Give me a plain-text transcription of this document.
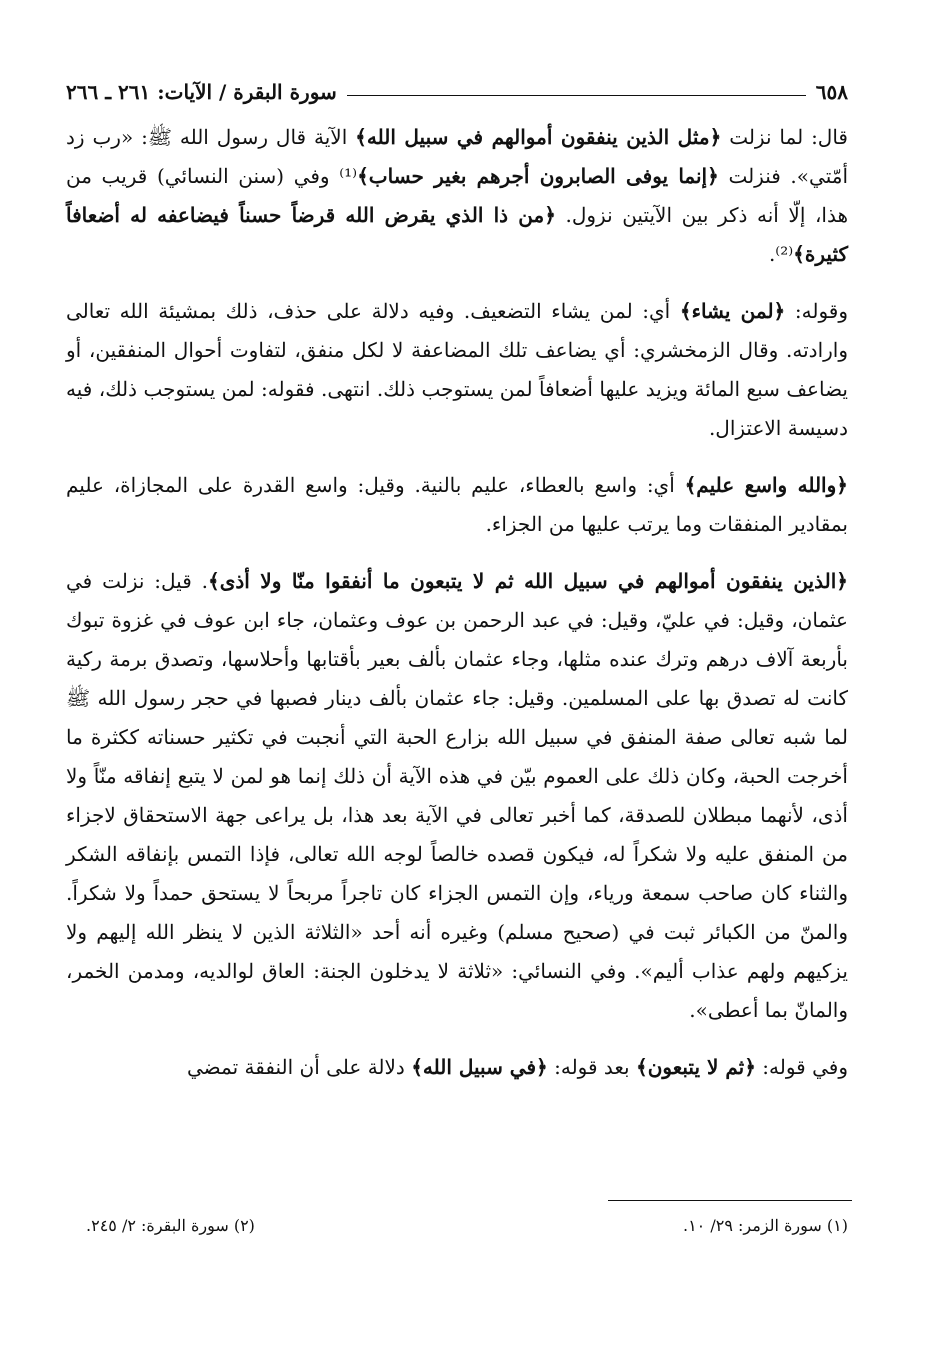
٦٥٨
سورة البقرة / الآيات: ٢٦١ ـ ٢٦٦

قال: لما نزلت ﴿مثل الذين ينفقون أموالهم في سبيل الله﴾ الآية قال رسول الله ﷺ: «رب زد أمّتي». فنزلت ﴿إنما يوفى الصابرون أجرهم بغير حساب﴾⁽¹⁾ وفي (سنن النسائي) قريب من هذا، إلّا أنه ذكر بين الآيتين نزول. ﴿من ذا الذي يقرض الله قرضاً حسناً فيضاعفه له أضعافاً كثيرة﴾⁽²⁾.

وقوله: ﴿لمن يشاء﴾ أي: لمن يشاء التضعيف. وفيه دلالة على حذف، ذلك بمشيئة الله تعالى وارادته. وقال الزمخشري: أي يضاعف تلك المضاعفة لا لكل منفق، لتفاوت أحوال المنفقين، أو يضاعف سبع المائة ويزيد عليها أضعافاً لمن يستوجب ذلك. انتهى. فقوله: لمن يستوجب ذلك، فيه دسيسة الاعتزال.

﴿والله واسع عليم﴾ أي: واسع بالعطاء، عليم بالنية. وقيل: واسع القدرة على المجازاة، عليم بمقادير المنفقات وما يرتب عليها من الجزاء.

﴿الذين ينفقون أموالهم في سبيل الله ثم لا يتبعون ما أنفقوا منّا ولا أذى﴾. قيل: نزلت في عثمان، وقيل: في عليّ، وقيل: في عبد الرحمن بن عوف وعثمان، جاء ابن عوف في غزوة تبوك بأربعة آلاف درهم وترك عنده مثلها، وجاء عثمان بألف بعير بأقتابها وأحلاسها، وتصدق برمة ركية كانت له تصدق بها على المسلمين. وقيل: جاء عثمان بألف دينار فصبها في حجر رسول الله ﷺ لما شبه تعالى صفة المنفق في سبيل الله بزارع الحبة التي أنجبت في تكثير حسناته ككثرة ما أخرجت الحبة، وكان ذلك على العموم بيّن في هذه الآية أن ذلك إنما هو لمن لا يتبع إنفاقه منّاً ولا أذى، لأنهما مبطلان للصدقة، كما أخبر تعالى في الآية بعد هذا، بل يراعى جهة الاستحقاق لاجزاء من المنفق عليه ولا شكراً له، فيكون قصده خالصاً لوجه الله تعالى، فإذا التمس بإنفاقه الشكر والثناء كان صاحب سمعة ورياء، وإن التمس الجزاء كان تاجراً مربحاً لا يستحق حمداً ولا شكراً. والمنّ من الكبائر ثبت في (صحيح مسلم) وغيره أنه أحد «الثلاثة الذين لا ينظر الله إليهم ولا يزكيهم ولهم عذاب أليم». وفي النسائي: «ثلاثة لا يدخلون الجنة: العاق لوالديه، ومدمن الخمر، والمانّ بما أعطى».

وفي قوله: ﴿ثم لا يتبعون﴾ بعد قوله: ﴿في سبيل الله﴾ دلالة على أن النفقة تمضي

(١) سورة الزمر: ٢٩/ ١٠.
(٢) سورة البقرة: ٢/ ٢٤٥.
